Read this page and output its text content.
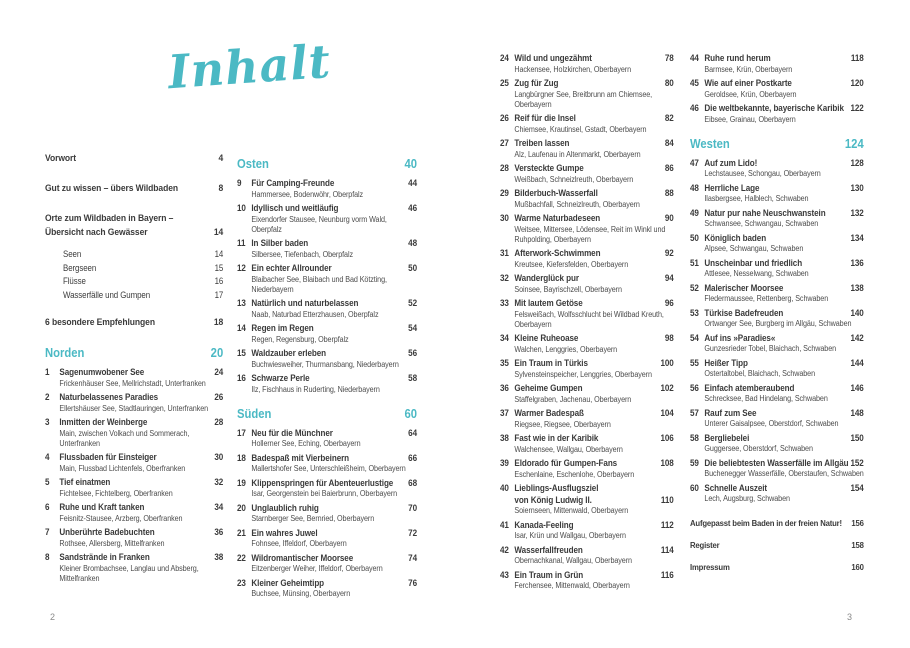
Inhalt
Vorwort	4
Gut zu wissen – übers Wildbaden	8
Orte zum Wildbaden in Bayern –
Übersicht nach Gewässer	14
Seen	14
Bergseen	15
Flüsse	16
Wasserfälle und Gumpen	17
6 besondere Empfehlungen	18
Norden	20
1	Sagenumwobener See	24
Frickenhäuser See, Mellrichstadt, Unterfranken
2	Naturbelassenes Paradies	26
Ellertshäuser See, Stadtlauringen, Unterfranken
3	Inmitten der Weinberge	28
Main, zwischen Volkach und Sommerach, Unterfranken
4	Flussbaden für Einsteiger	30
Main, Flussbad Lichtenfels, Oberfranken
5	Tief einatmen	32
Fichtelsee, Fichtelberg, Oberfranken
6	Ruhe und Kraft tanken	34
Feisnitz-Stausee, Arzberg, Oberfranken
7	Unberührte Badebuchten	36
Rothsee, Allersberg, Mittelfranken
8	Sandstrände in Franken	38
Kleiner Brombachsee, Langlau und Absberg, Mittelfranken
Osten	40
9	Für Camping-Freunde	44
Hammersee, Bodenwöhr, Oberpfalz
10 Idyllisch und weitläufig	46
Eixendorfer Stausee, Neunburg vorm Wald, Oberpfalz
11 In Silber baden	48
Silbersee, Tiefenbach, Oberpfalz
12 Ein echter Allrounder	50
Blaibacher See, Blaibach und Bad Kötzting, Niederbayern
13 Natürlich und naturbelassen	52
Naab, Naturbad Etterzhausen, Oberpfalz
14 Regen im Regen	54
Regen, Regensburg, Oberpfalz
15 Waldzauber erleben	56
Buchwiesweiher, Thurmansbang, Niederbayern
16 Schwarze Perle	58
Ilz, Fischhaus in Ruderting, Niederbayern
Süden	60
17 Neu für die Münchner	64
Hollerner See, Eching, Oberbayern
18 Badespaß mit Vierbeinern	66
Mallertshofer See, Unterschleißheim, Oberbayern
19 Klippenspringen für Abenteuerlustige	68
Isar, Georgenstein bei Baierbrunn, Oberbayern
20 Unglaublich ruhig	70
Starnberger See, Bernried, Oberbayern
21 Ein wahres Juwel	72
Fohnsee, Iffeldorf, Oberbayern
22 Wildromantischer Moorsee	74
Eitzenberger Weiher, Iffeldorf, Oberbayern
23 Kleiner Geheimtipp	76
Buchsee, Münsing, Oberbayern
24 Wild und ungezähmt	78
Hackensee, Holzkirchen, Oberbayern
25 Zug für Zug	80
Langbürgner See, Breitbrunn am Chiemsee, Oberbayern
26 Reif für die Insel	82
Chiemsee, Krautinsel, Gstadt, Oberbayern
27 Treiben lassen	84
Alz, Laufenau in Altenmarkt, Oberbayern
28 Versteckte Gumpe	86
Weißbach, Schneizlreuth, Oberbayern
29 Bilderbuch-Wasserfall	88
Mußbachfall, Schneizlreuth, Oberbayern
30 Warme Naturbadeseen	90
Weitsee, Mittersee, Lödensee, Reit im Winkl und Ruhpolding, Oberbayern
31 Afterwork-Schwimmen	92
Kreutsee, Kiefersfelden, Oberbayern
32 Wanderglück pur	94
Soinsee, Bayrischzell, Oberbayern
33 Mit lautem Getöse	96
Felsweißach, Wolfsschlucht bei Wildbad Kreuth, Oberbayern
34 Kleine Ruheoase	98
Walchen, Lenggries, Oberbayern
35 Ein Traum in Türkis	100
Sylvensteinspeicher, Lenggries, Oberbayern
36 Geheime Gumpen	102
Staffelgraben, Jachenau, Oberbayern
37 Warmer Badespaß	104
Riegsee, Riegsee, Oberbayern
38 Fast wie in der Karibik	106
Walchensee, Wallgau, Oberbayern
39 Eldorado für Gumpen-Fans	108
Eschenlaine, Eschenlohe, Oberbayern
40 Lieblings-Ausflugsziel
von König Ludwig II.	110
Soiernseen, Mittenwald, Oberbayern
41 Kanada-Feeling	112
Isar, Krün und Wallgau, Oberbayern
42 Wasserfallfreuden	114
Obernachkanal, Wallgau, Oberbayern
43 Ein Traum in Grün	116
Ferchensee, Mittenwald, Oberbayern
44 Ruhe rund herum	118
Barmsee, Krün, Oberbayern
45 Wie auf einer Postkarte	120
Geroldsee, Krün, Oberbayern
46 Die weltbekannte, bayerische Karibik 122
Eibsee, Grainau, Oberbayern
Westen	124
47 Auf zum Lido!	128
Lechstausee, Schongau, Oberbayern
48 Herrliche Lage	130
Ilasbergsee, Halblech, Schwaben
49 Natur pur nahe Neuschwanstein	132
Schwansee, Schwangau, Schwaben
50 Königlich baden	134
Alpsee, Schwangau, Schwaben
51 Unscheinbar und friedlich	136
Attlesee, Nesselwang, Schwaben
52 Malerischer Moorsee	138
Fledermaussee, Rettenberg, Schwaben
53 Türkise Badefreuden	140
Ortwanger See, Burgberg im Allgäu, Schwaben
54 Auf ins »Paradies«	142
Gunzesrieder Tobel, Blaichach, Schwaben
55 Heißer Tipp	144
Ostertaltobel, Blaichach, Schwaben
56 Einfach atemberaubend	146
Schrecksee, Bad Hindelang, Schwaben
57 Rauf zum See	148
Unterer Gaisalpsee, Oberstdorf, Schwaben
58 Bergliebelei	150
Guggersee, Oberstdorf, Schwaben
59 Die beliebtesten Wasserfälle im Allgäu 152
Buchenegger Wasserfälle, Oberstaufen, Schwaben
60 Schnelle Auszeit	154
Lech, Augsburg, Schwaben
Aufgepasst beim Baden in der freien Natur! 156
Register	158
Impressum	160
2	3
